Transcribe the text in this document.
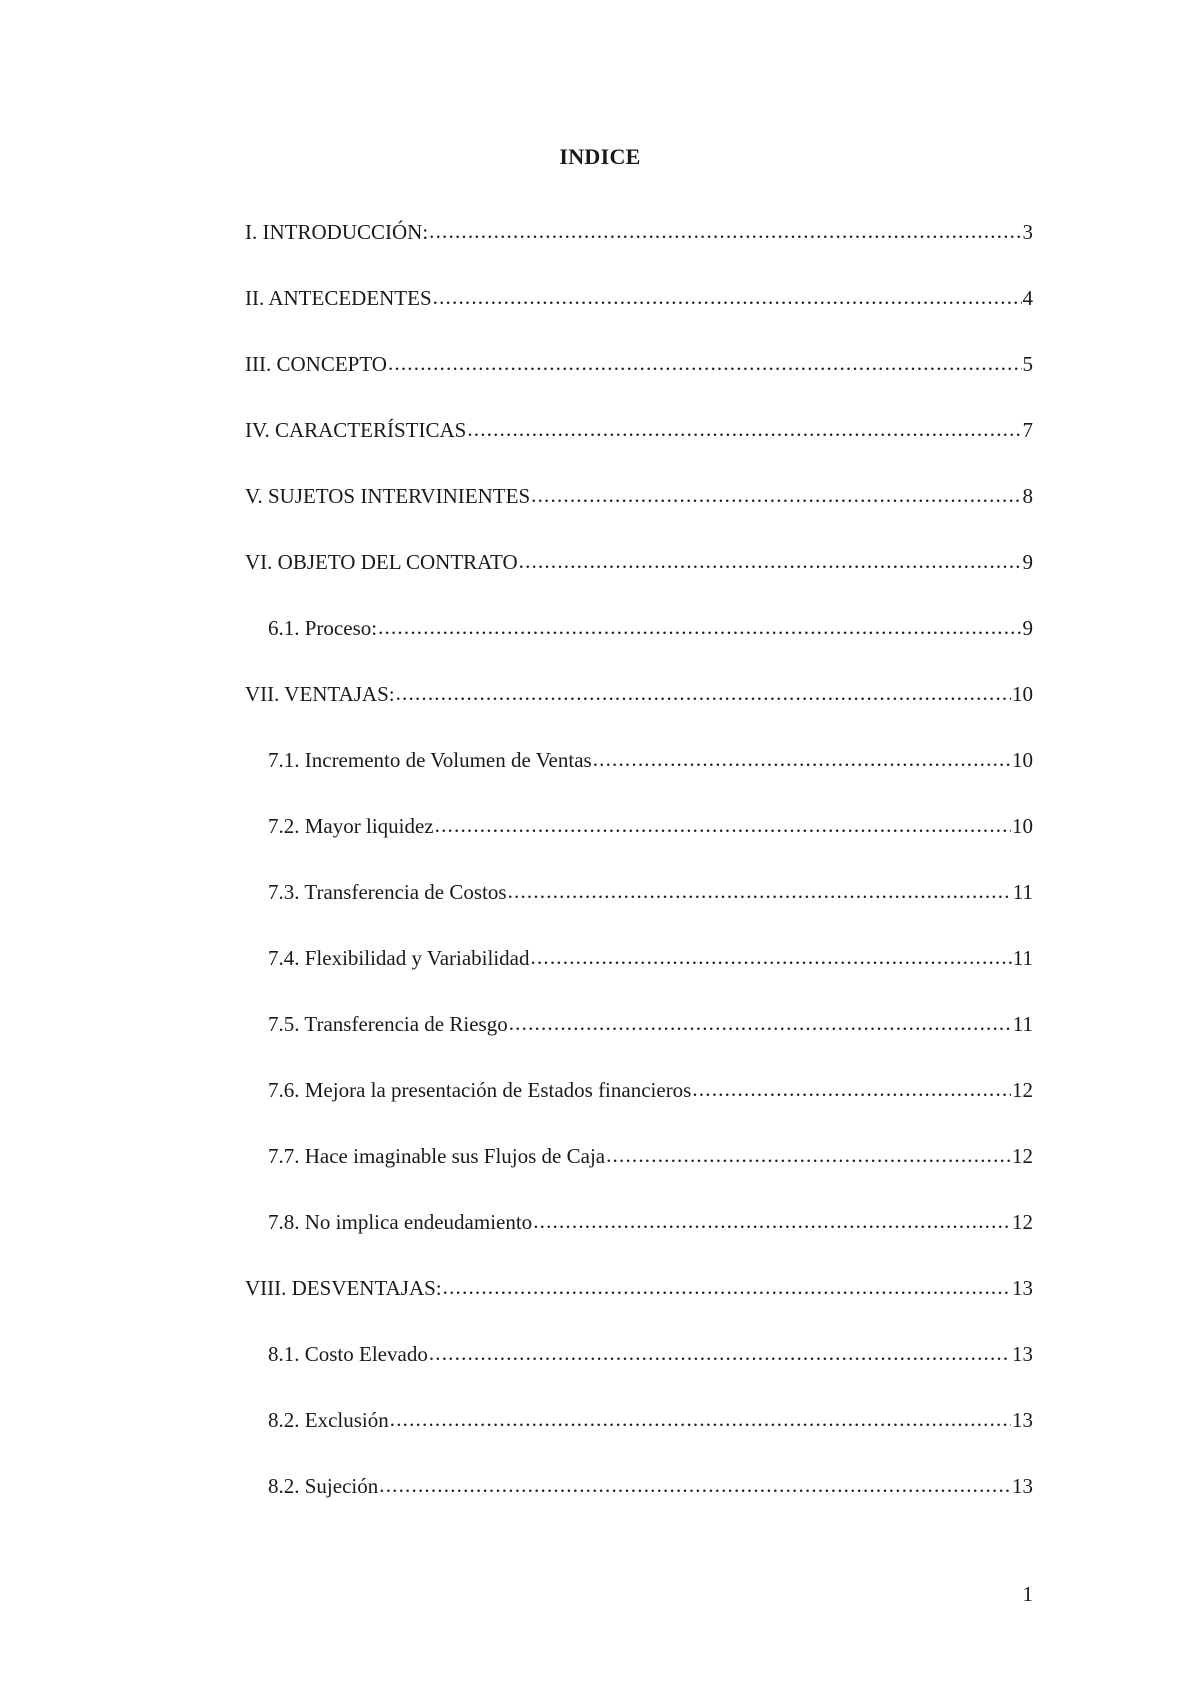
INDICE
I. INTRODUCCIÓN: .....	3
II. ANTECEDENTES .....	4
III. CONCEPTO .....	5
IV. CARACTERÍSTICAS .....	7
V. SUJETOS INTERVINIENTES .....	8
VI. OBJETO DEL CONTRATO .....	9
6.1. Proceso: .....	9
VII. VENTAJAS: .....	10
7.1. Incremento de Volumen de Ventas .....	10
7.2. Mayor liquidez .....	10
7.3. Transferencia de Costos .....	11
7.4. Flexibilidad y Variabilidad .....	11
7.5. Transferencia de Riesgo .....	11
7.6. Mejora la presentación de Estados financieros .....	12
7.7. Hace imaginable sus Flujos de Caja .....	12
7.8. No implica endeudamiento .....	12
VIII. DESVENTAJAS: .....	13
8.1. Costo Elevado .....	13
8.2. Exclusión .....	13
8.2. Sujeción .....	13
1
